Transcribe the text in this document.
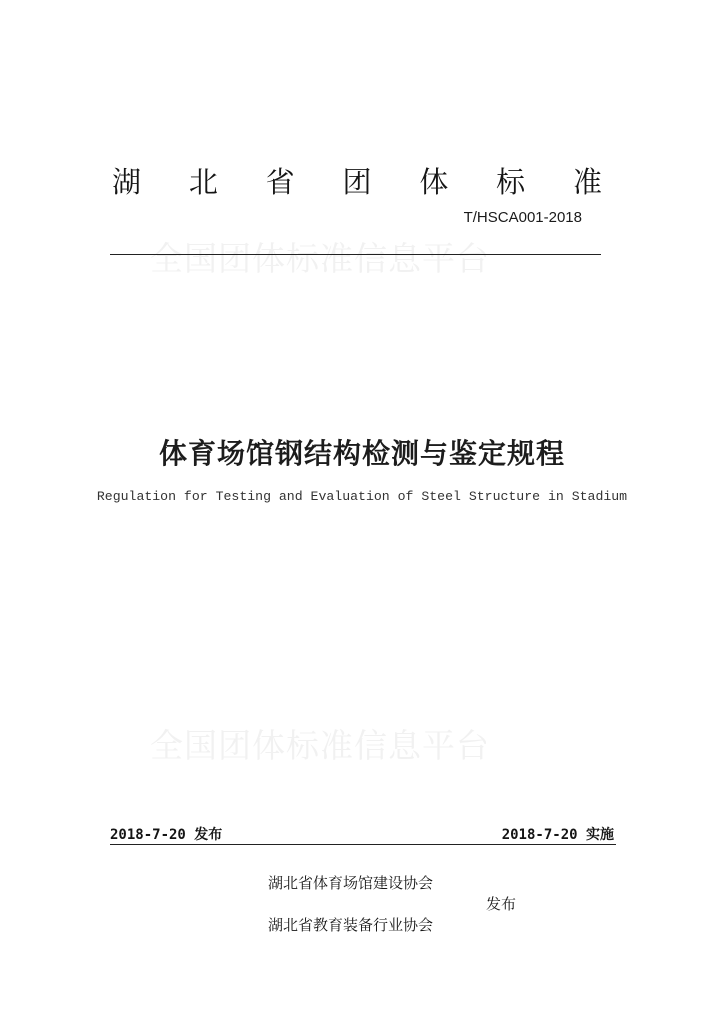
全国团体标准信息平台
全国团体标准信息平台
湖 北 省 团 体 标 准
T/HSCA001-2018
体育场馆钢结构检测与鉴定规程
Regulation for Testing and Evaluation of Steel Structure in Stadium
2018-7-20 发布	2018-7-20 实施
湖北省体育场馆建设协会
发布
湖北省教育装备行业协会
